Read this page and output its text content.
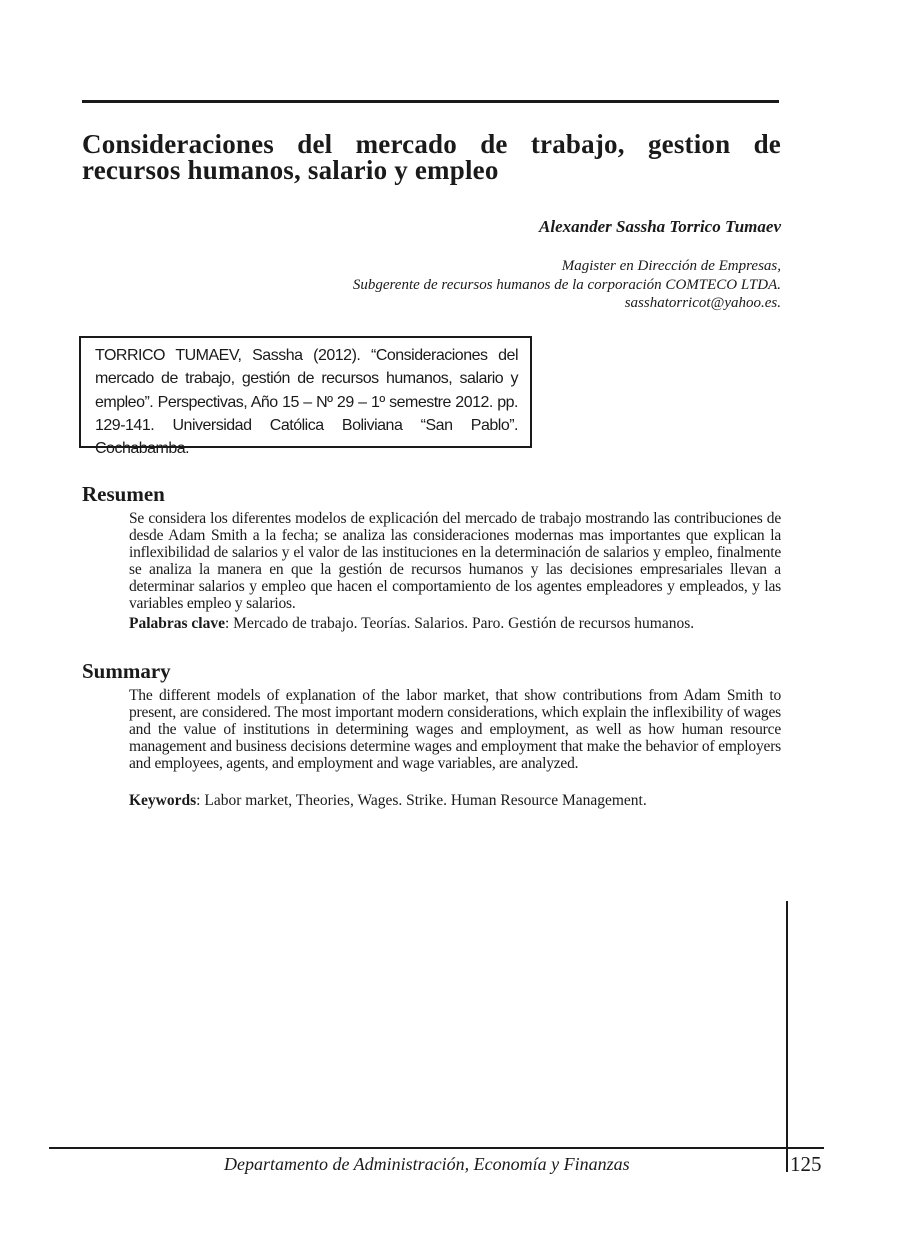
Consideraciones del mercado de trabajo, gestion de recursos humanos, salario y empleo
Alexander Sassha Torrico Tumaev
Magister en Dirección de Empresas,
Subgerente de recursos humanos de la corporación COMTECO LTDA.
sasshatorricot@yahoo.es.
TORRICO TUMAEV, Sassha (2012). “Consideraciones del mercado de trabajo, gestión de recursos humanos, salario y empleo”. Perspectivas, Año 15 – Nº 29 – 1º semestre 2012. pp. 129-141. Universidad Católica Boliviana “San Pablo”. Cochabamba.
Resumen

Se considera los diferentes modelos de explicación del mercado de trabajo mostrando las contribuciones de desde Adam Smith a la fecha; se analiza las consideraciones modernas mas importantes que explican la inflexibilidad de salarios y el valor de las instituciones en la determinación de salarios y empleo, finalmente se analiza la manera en que la gestión de recursos humanos y las decisiones empresariales llevan a determinar salarios y empleo que hacen el comportamiento de los agentes empleadores y empleados, y las variables empleo y salarios.

Palabras clave: Mercado de trabajo. Teorías. Salarios. Paro. Gestión de recursos humanos.

Summary

The different models of explanation of the labor market, that show contributions from Adam Smith to present, are considered. The most important modern considerations, which explain the inflexibility of wages and the value of institutions in determining wages and employment, as well as how human resource management and business decisions determine wages and employment that make the behavior of employers and employees, agents, and employment and wage variables, are analyzed.

Keywords: Labor market, Theories, Wages. Strike. Human Resource Management.

Departamento de Administración, Economía y Finanzas	125
